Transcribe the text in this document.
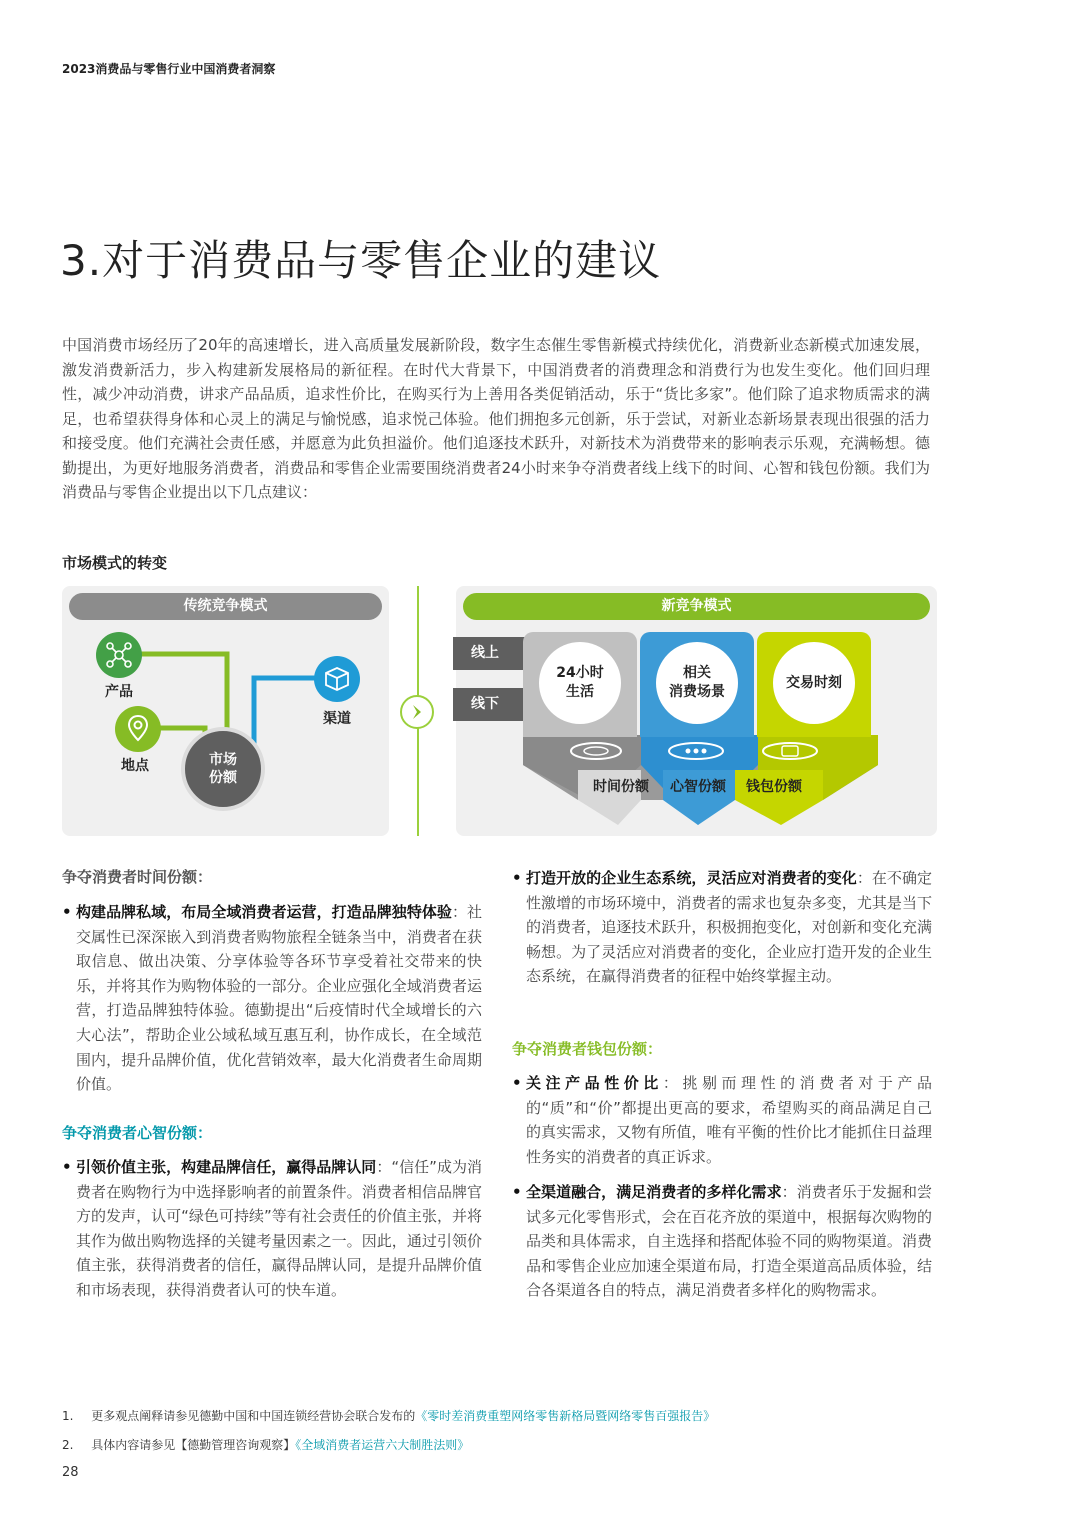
2023消费品与零售行业中国消费者洞察
3.对于消费品与零售企业的建议
中国消费市场经历了20年的高速增长，进入高质量发展新阶段，数字生态催生零售新模式持续优化，消费新业态新模式加速发展，激发消费新活力，步入构建新发展格局的新征程。在时代大背景下，中国消费者的消费理念和消费行为也发生变化。他们回归理性，减少冲动消费，讲求产品品质，追求性价比，在购买行为上善用各类促销活动，乐于“货比多家”。他们除了追求物质需求的满足，也希望获得身体和心灵上的满足与愉悦感，追求悦己体验。他们拥抱多元创新，乐于尝试，对新业态新场景表现出很强的活力和接受度。他们充满社会责任感，并愿意为此负担溢价。他们追逐技术跃升，对新技术为消费带来的影响表示乐观，充满畅想。德勤提出，为更好地服务消费者，消费品和零售企业需要围绕消费者24小时来争夺消费者线上线下的时间、心智和钱包份额。我们为消费品与零售企业提出以下几点建议：
市场模式的转变
传统竞争模式
产品
地点
渠道
市场
份额
新竞争模式
线上
线下
24小时
生活
相关
消费场景
交易时刻
时间份额	心智份额	钱包份额
争夺消费者时间份额：
• 构建品牌私域，布局全域消费者运营，打造品牌独特体验：社交属性已深深嵌入到消费者购物旅程全链条当中，消费者在获取信息、做出决策、分享体验等各环节享受着社交带来的快乐，并将其作为购物体验的一部分。企业应强化全域消费者运营，打造品牌独特体验。德勤提出“后疫情时代全域增长的六大心法”，帮助企业公域私域互惠互利，协作成长，在全域范围内，提升品牌价值，优化营销效率，最大化消费者生命周期价值。
争夺消费者心智份额：
• 引领价值主张，构建品牌信任，赢得品牌认同：“信任”成为消费者在购物行为中选择影响者的前置条件。消费者相信品牌官方的发声，认可“绿色可持续”等有社会责任的价值主张，并将其作为做出购物选择的关键考量因素之一。因此，通过引领价值主张，获得消费者的信任，赢得品牌认同，是提升品牌价值和市场表现，获得消费者认可的快车道。
• 打造开放的企业生态系统，灵活应对消费者的变化：在不确定性激增的市场环境中，消费者的需求也复杂多变，尤其是当下的消费者，追逐技术跃升，积极拥抱变化，对创新和变化充满畅想。为了灵活应对消费者的变化，企业应打造开发的企业生态系统，在赢得消费者的征程中始终掌握主动。
争夺消费者钱包份额：
• 关注产品性价比：挑剔而理性的消费者对于产品的“质”和“价”都提出更高的要求，希望购买的商品满足自己的真实需求，又物有所值，唯有平衡的性价比才能抓住日益理性务实的消费者的真正诉求。
• 全渠道融合，满足消费者的多样化需求：消费者乐于发掘和尝试多元化零售形式，会在百花齐放的渠道中，根据每次购物的品类和具体需求，自主选择和搭配体验不同的购物渠道。消费品和零售企业应加速全渠道布局，打造全渠道高品质体验，结合各渠道各自的特点，满足消费者多样化的购物需求。
1. 更多观点阐释请参见德勤中国和中国连锁经营协会联合发布的《零时差消费重塑网络零售新格局暨网络零售百强报告》
2. 具体内容请参见【德勤管理咨询观察】《全域消费者运营六大制胜法则》
28
